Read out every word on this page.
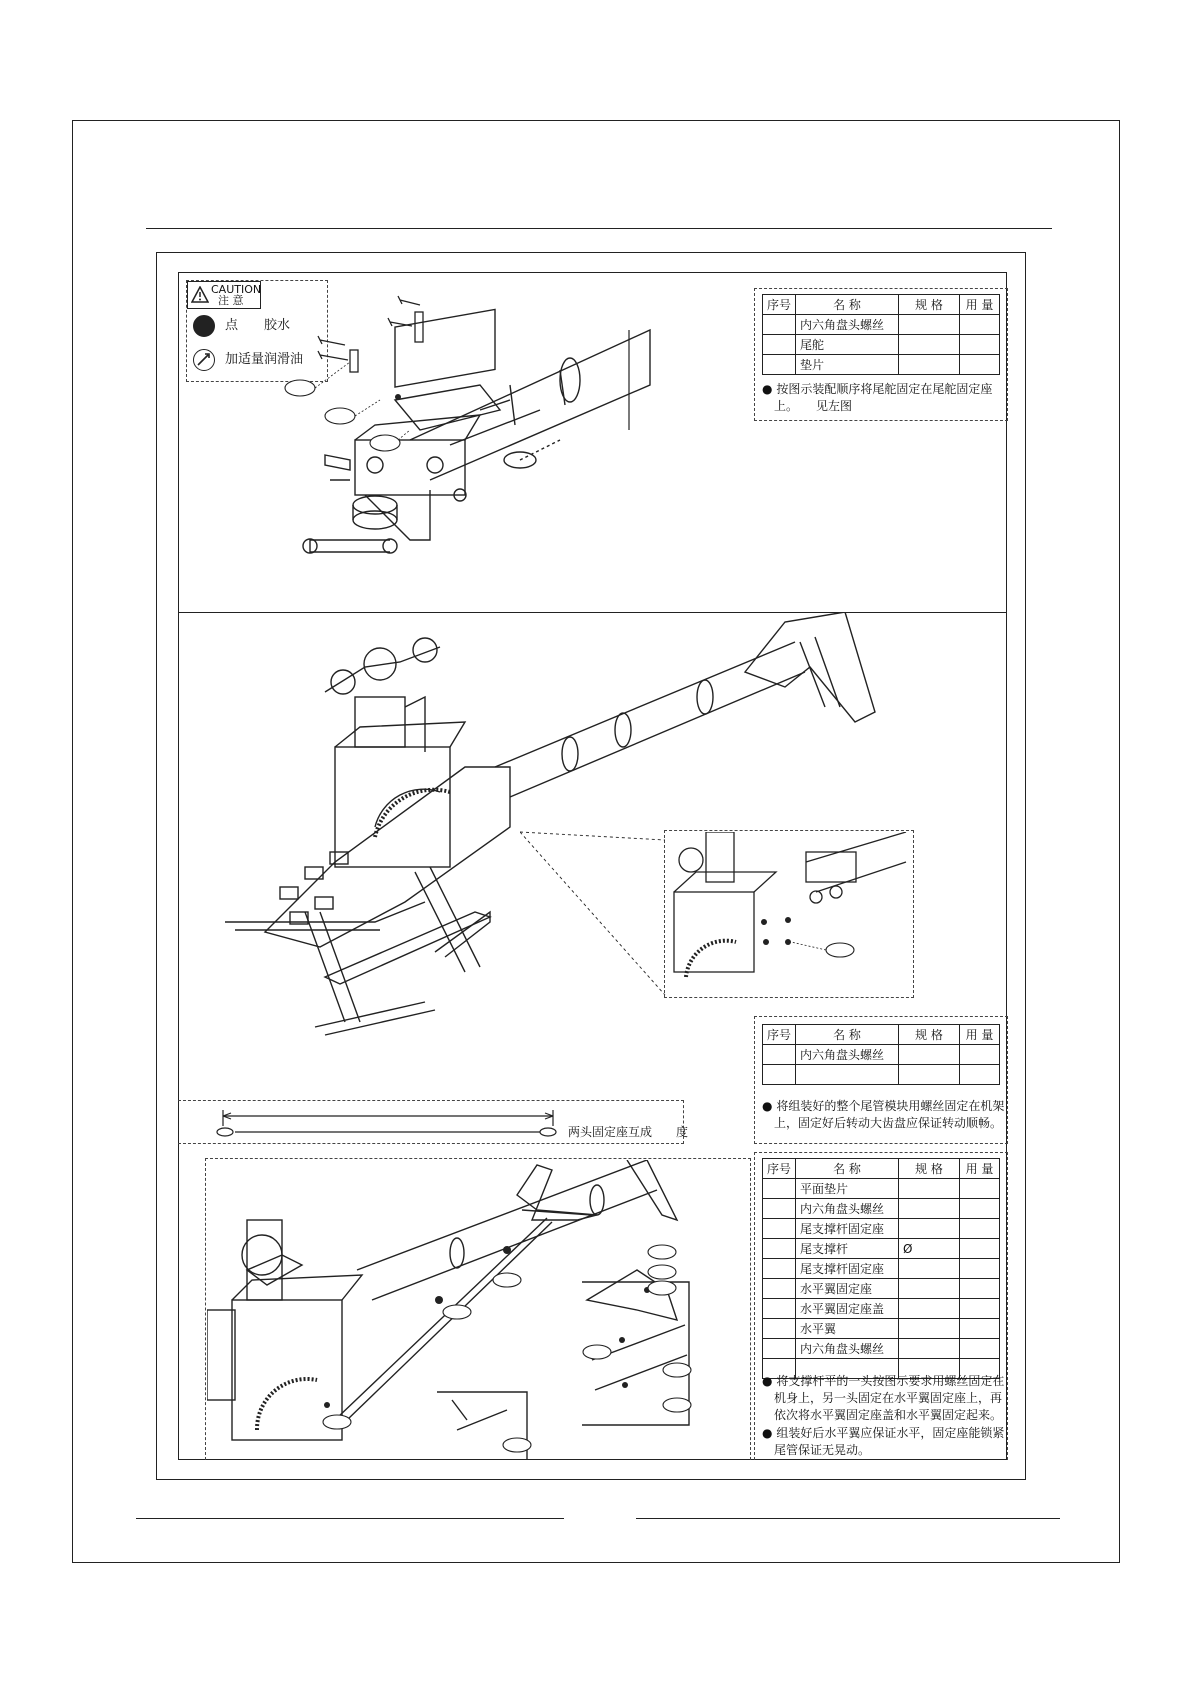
CAUTION
注 意
点　　胶水
加适量润滑油
序号	名 称	规 格	用 量
	内六角盘头螺丝		
	尾舵		
	垫片		
● 按图示装配顺序将尾舵固定在尾舵固定座
上。　　见左图
序号	名 称	规 格	用 量
	内六角盘头螺丝		

● 将组装好的整个尾管模块用螺丝固定在机架
上，固定好后转动大齿盘应保证转动顺畅。
两头固定座互成　　度
序号	名 称	规 格	用 量
	平面垫片		
	内六角盘头螺丝		
	尾支撑杆固定座		
	尾支撑杆	Ø	
	尾支撑杆固定座		
	水平翼固定座		
	水平翼固定座盖		
	水平翼		
	内六角盘头螺丝		

● 将支撑杆平的一头按图示要求用螺丝固定在
机身上，另一头固定在水平翼固定座上，再
依次将水平翼固定座盖和水平翼固定起来。
● 组装好后水平翼应保证水平，固定座能锁紧
尾管保证无晃动。
